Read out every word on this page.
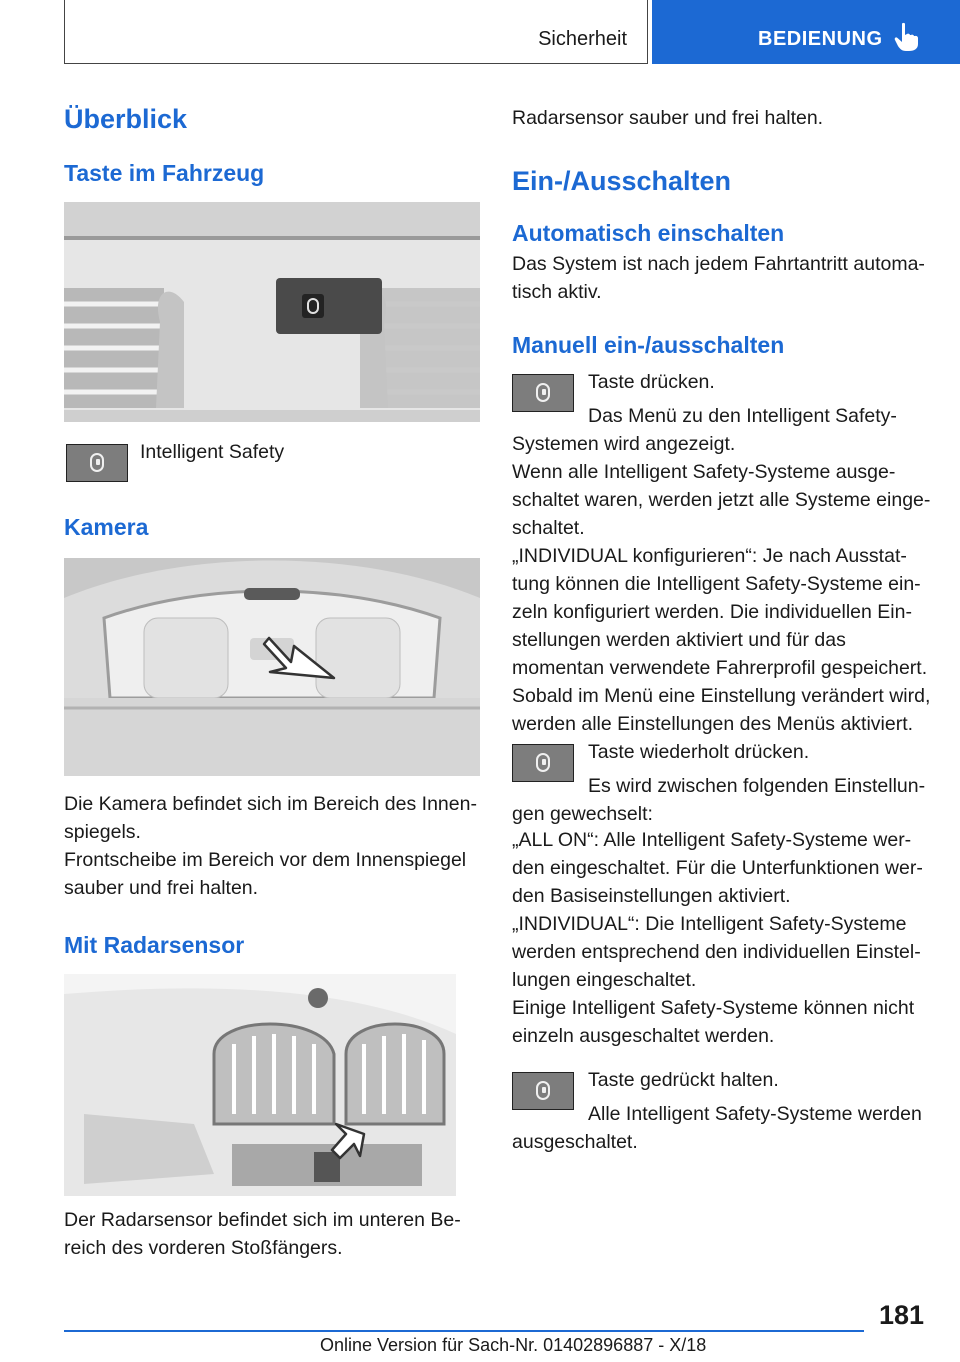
Sicherheit	BEDIENUNG
Überblick
Taste im Fahrzeug

Intelligent Safety

Kamera

Die Kamera befindet sich im Bereich des Innen-
spiegels.

Frontscheibe im Bereich vor dem Innenspiegel
sauber und frei halten.

Mit Radarsensor

Der Radarsensor befindet sich im unteren Be-
reich des vorderen Stoßfängers.

Radarsensor sauber und frei halten.

Ein-/Ausschalten
Automatisch einschalten

Das System ist nach jedem Fahrtantritt automa-
tisch aktiv.

Manuell ein-/ausschalten

Taste drücken.

Das Menü zu den Intelligent Safety-
Systemen wird angezeigt.

Wenn alle Intelligent Safety-Systeme ausge-
schaltet waren, werden jetzt alle Systeme einge-
schaltet.

„INDIVIDUAL konfigurieren“: Je nach Ausstat-
tung können die Intelligent Safety-Systeme ein-
zeln konfiguriert werden. Die individuellen Ein-
stellungen werden aktiviert und für das
momentan verwendete Fahrerprofil gespeichert.
Sobald im Menü eine Einstellung verändert wird,
werden alle Einstellungen des Menüs aktiviert.

Taste wiederholt drücken.

Es wird zwischen folgenden Einstellun-
gen gewechselt:

„ALL ON“: Alle Intelligent Safety-Systeme wer-
den eingeschaltet. Für die Unterfunktionen wer-
den Basiseinstellungen aktiviert.

„INDIVIDUAL“: Die Intelligent Safety-Systeme
werden entsprechend den individuellen Einstel-
lungen eingeschaltet.

Einige Intelligent Safety-Systeme können nicht
einzeln ausgeschaltet werden.

Taste gedrückt halten.

Alle Intelligent Safety-Systeme werden
ausgeschaltet.

181
Online Version für Sach-Nr. 01402896887 - X/18
